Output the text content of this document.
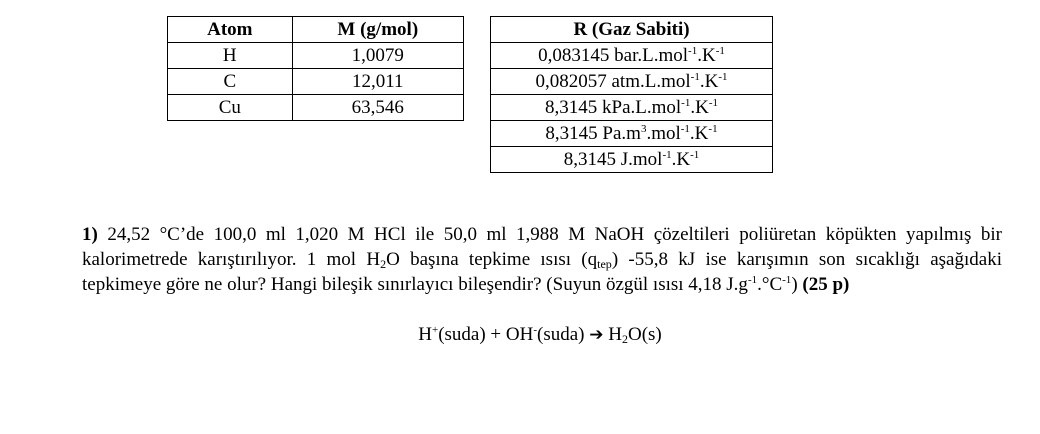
Atom	M (g/mol)
H	1,0079
C	12,011
Cu	63,546
R (Gaz Sabiti)
0,083145 $bar.L.mol^{-1}.K^{-1}$
0,082057 $atm.L.mol^{-1}.K^{-1}$
8,3145 $kPa.L.mol^{-1}.K^{-1}$
8,3145 $Pa.m^3.mol^{-1}.K^{-1}$
8,3145 $J.mol^{-1}.K^{-1}$
1) 24,52 °C’de 100,0 ml 1,020 M HCl ile 50,0 ml 1,988 M NaOH çözeltileri poliüretan köpükten yapılmış bir kalorimetrede karıştırılıyor. 1 mol $H_2O$ başına tepkime ısısı $(q_{tep})$ -55,8 kJ ise karışımın son sıcaklığı aşağıdaki tepkimeye göre ne olur? Hangi bileşik sınırlayıcı bileşendir? (Suyun özgül ısısı 4,18 $J.g^{-1}.^\circ C^{-1}$) (25 p)
H+(suda) + OH-(suda) ➔ $H_2O(s)$
